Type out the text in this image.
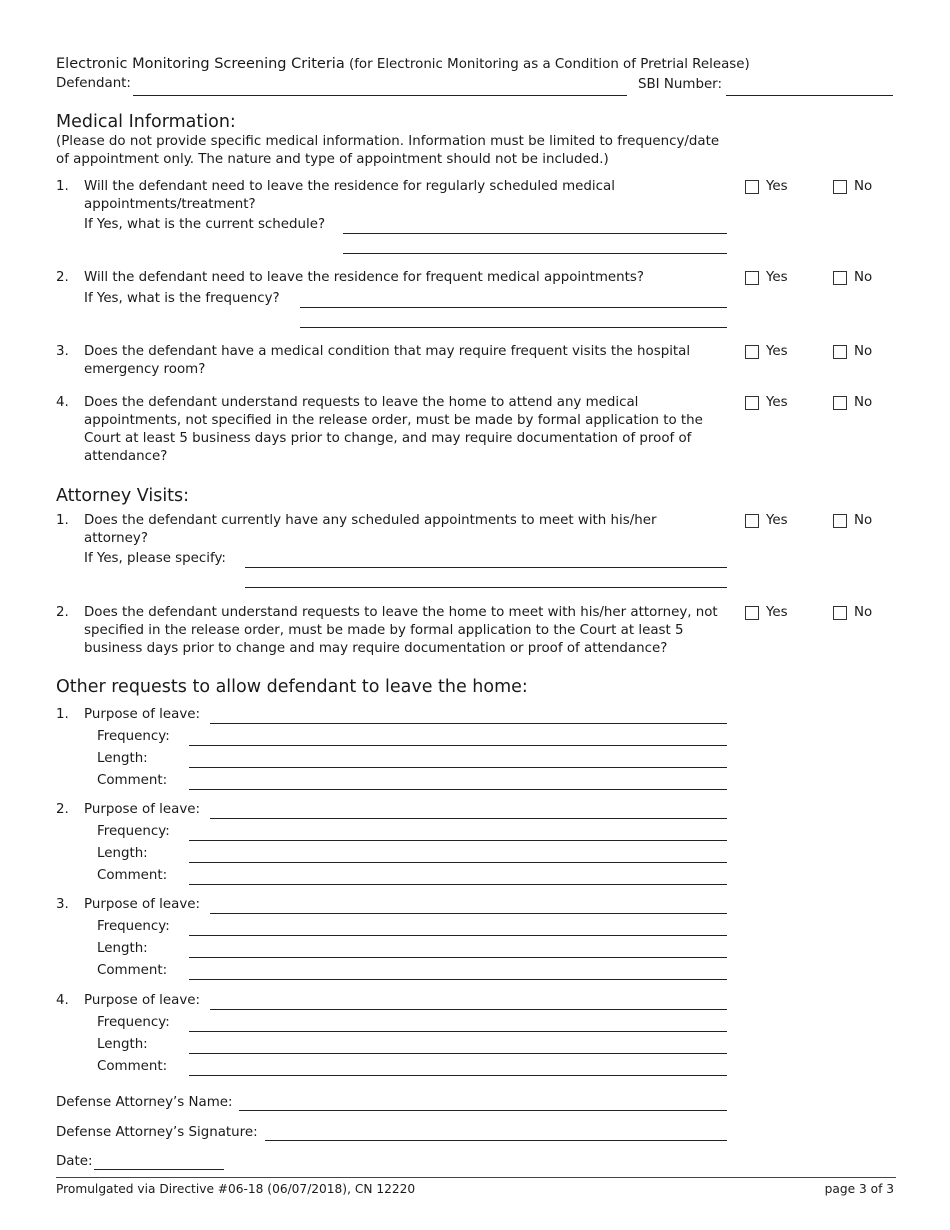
Electronic Monitoring Screening Criteria (for Electronic Monitoring as a Condition of Pretrial Release)
Defendant:	SBI Number:
Medical Information:
(Please do not provide specific medical information. Information must be limited to frequency/date of appointment only. The nature and type of appointment should not be included.)
1. Will the defendant need to leave the residence for regularly scheduled medical appointments/treatment?
If Yes, what is the current schedule?
Yes	No
2. Will the defendant need to leave the residence for frequent medical appointments?
If Yes, what is the frequency?
Yes	No
3. Does the defendant have a medical condition that may require frequent visits the hospital emergency room?
Yes	No
4. Does the defendant understand requests to leave the home to attend any medical appointments, not specified in the release order, must be made by formal application to the Court at least 5 business days prior to change, and may require documentation of proof of attendance?
Yes	No
Attorney Visits:
1. Does the defendant currently have any scheduled appointments to meet with his/her attorney?
If Yes, please specify:
Yes	No
2. Does the defendant understand requests to leave the home to meet with his/her attorney, not specified in the release order, must be made by formal application to the Court at least 5 business days prior to change and may require documentation or proof of attendance?
Yes	No
Other requests to allow defendant to leave the home:
1. Purpose of leave:
Frequency:
Length:
Comment:
2. Purpose of leave:
Frequency:
Length:
Comment:
3. Purpose of leave:
Frequency:
Length:
Comment:
4. Purpose of leave:
Frequency:
Length:
Comment:
Defense Attorney’s Name:
Defense Attorney’s Signature:
Date:
Promulgated via Directive #06-18 (06/07/2018), CN 12220	page 3 of 3
